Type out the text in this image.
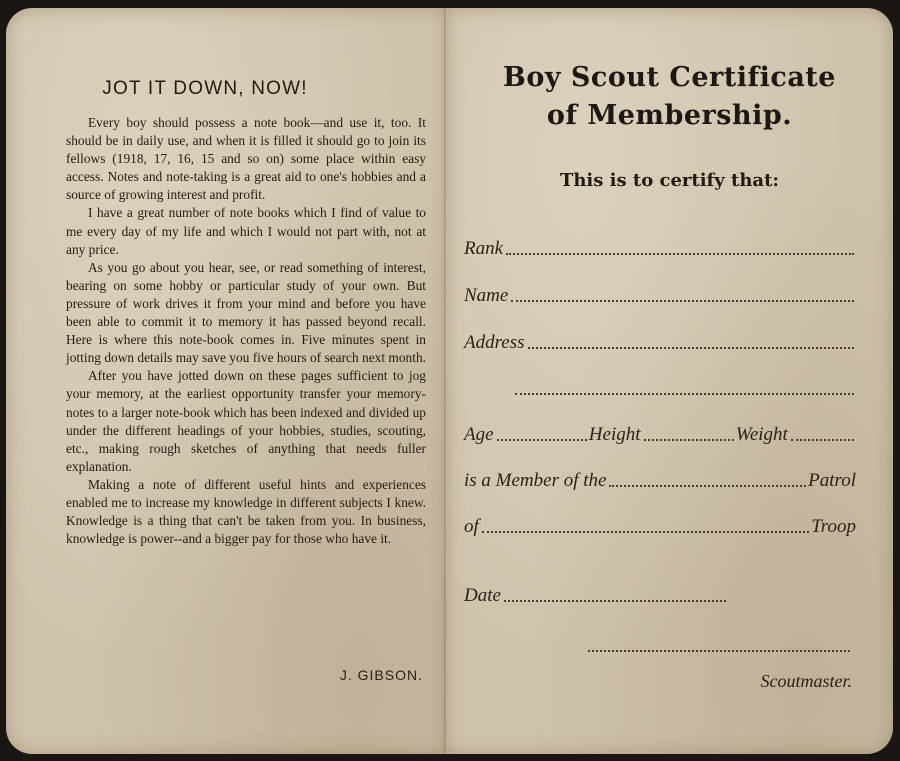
JOT IT DOWN, NOW!

Every boy should possess a note book—and use it, too. It should be in daily use, and when it is filled it should go to join its fellows (1918, 17, 16, 15 and so on) some place within easy access. Notes and note-taking is a great aid to one's hobbies and a source of growing interest and profit.

I have a great number of note books which I find of value to me every day of my life and which I would not part with, not at any price.

As you go about you hear, see, or read something of interest, bearing on some hobby or particular study of your own. But pressure of work drives it from your mind and before you have been able to commit it to memory it has passed beyond recall. Here is where this note-book comes in. Five minutes spent in jotting down details may save you five hours of search next month.

After you have jotted down on these pages sufficient to jog your memory, at the earliest opportunity transfer your memory-notes to a larger note-book which has been indexed and divided up under the different headings of your hobbies, studies, scouting, etc., making rough sketches of anything that needs fuller explanation.

Making a note of different useful hints and experiences enabled me to increase my knowledge in different subjects I knew. Knowledge is a thing that can't be taken from you. In business, knowledge is power--and a bigger pay for those who have it.

J. GIBSON.
Boy Scout Certificate
of Membership.
This is to certify that:
Rank
Name
Address
Age	Height	Weight
is a Member of the	Patrol
of	Troop
Date
Scoutmaster.
